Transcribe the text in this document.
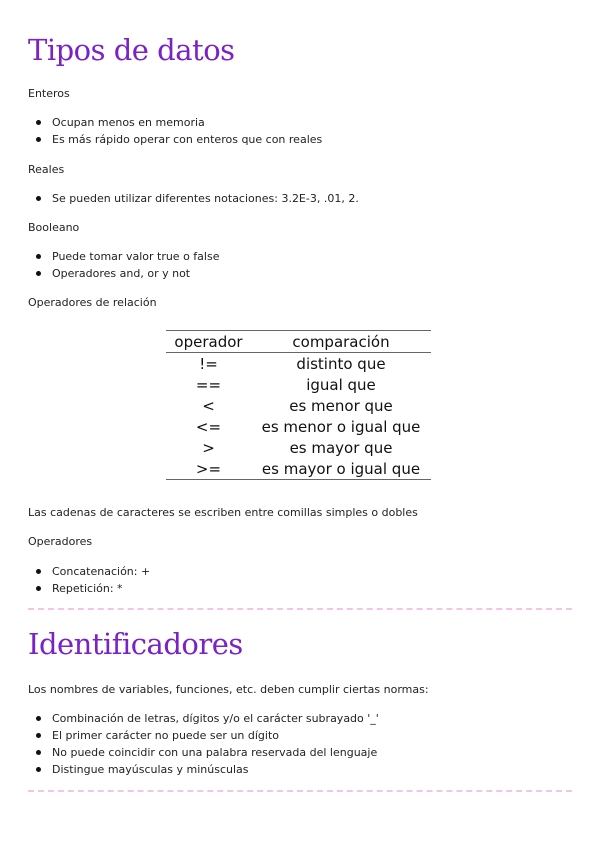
Tipos de datos

Enteros

Ocupan menos en memoria
Es más rápido operar con enteros que con reales

Reales

Se pueden utilizar diferentes notaciones: 3.2E-3, .01, 2.

Booleano

Puede tomar valor true o false
Operadores and, or y not

Operadores de relación

operador	comparación
!=	distinto que
==	igual que
<	es menor que
<=	es menor o igual que
>	es mayor que
>=	es mayor o igual que

Las cadenas de caracteres se escriben entre comillas simples o dobles

Operadores

Concatenación: +
Repetición: *
Identificadores

Los nombres de variables, funciones, etc. deben cumplir ciertas normas:

Combinación de letras, dígitos y/o el carácter subrayado '_'
El primer carácter no puede ser un dígito
No puede coincidir con una palabra reservada del lenguaje
Distingue mayúsculas y minúsculas
